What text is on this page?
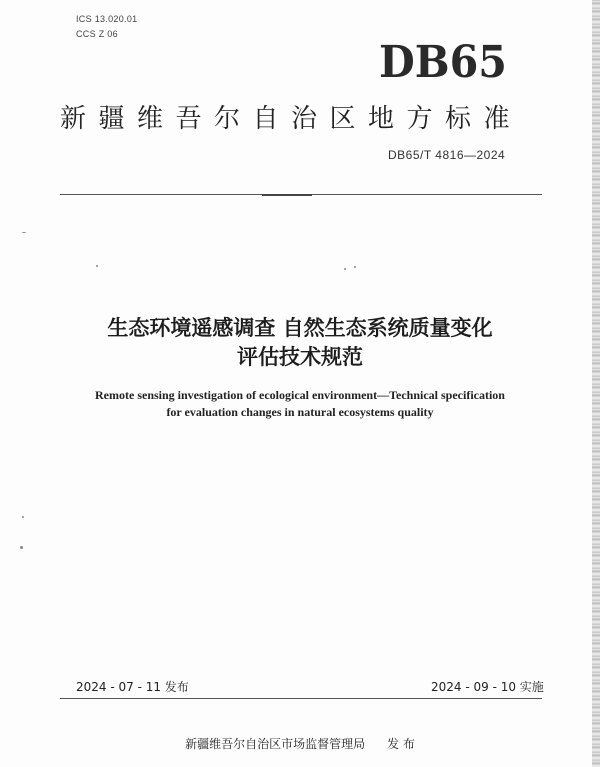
ICS 13.020.01
CCS Z 06
DB65
新疆维吾尔自治区地方标准
DB65/T 4816—2024
生态环境遥感调查 自然生态系统质量变化
评估技术规范
Remote sensing investigation of ecological environment—Technical specification
for evaluation changes in natural ecosystems quality
2024 - 07 - 11 发布	2024 - 09 - 10 实施
新疆维吾尔自治区市场监督管理局 发 布
